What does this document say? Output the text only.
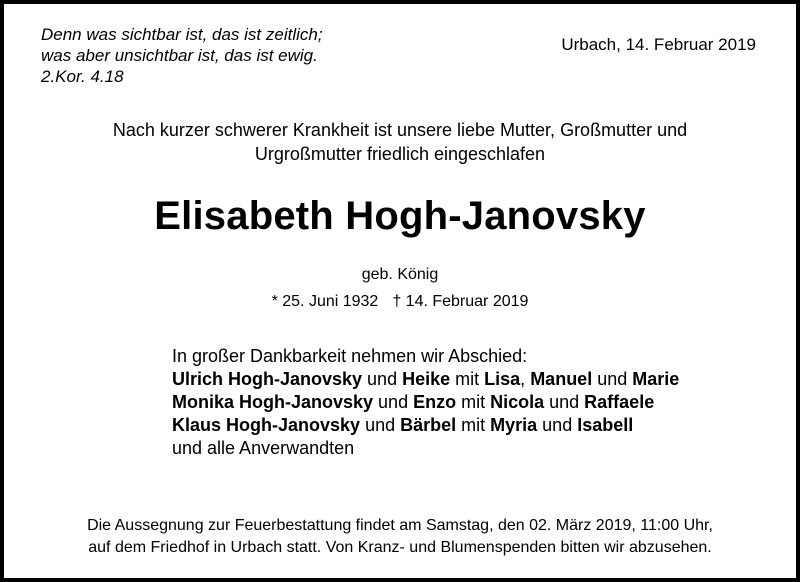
Denn was sichtbar ist, das ist zeitlich;
was aber unsichtbar ist, das ist ewig.
2.Kor. 4.18
Urbach, 14. Februar 2019
Nach kurzer schwerer Krankheit ist unsere liebe Mutter, Großmutter und
Urgroßmutter friedlich eingeschlafen
Elisabeth Hogh-Janovsky
geb. König
* 25. Juni 1932 † 14. Februar 2019
In großer Dankbarkeit nehmen wir Abschied:
Ulrich Hogh-Janovsky und Heike mit Lisa, Manuel und Marie
Monika Hogh-Janovsky und Enzo mit Nicola und Raffaele
Klaus Hogh-Janovsky und Bärbel mit Myria und Isabell
und alle Anverwandten
Die Aussegnung zur Feuerbestattung findet am Samstag, den 02. März 2019, 11:00 Uhr,
auf dem Friedhof in Urbach statt. Von Kranz- und Blumenspenden bitten wir abzusehen.
